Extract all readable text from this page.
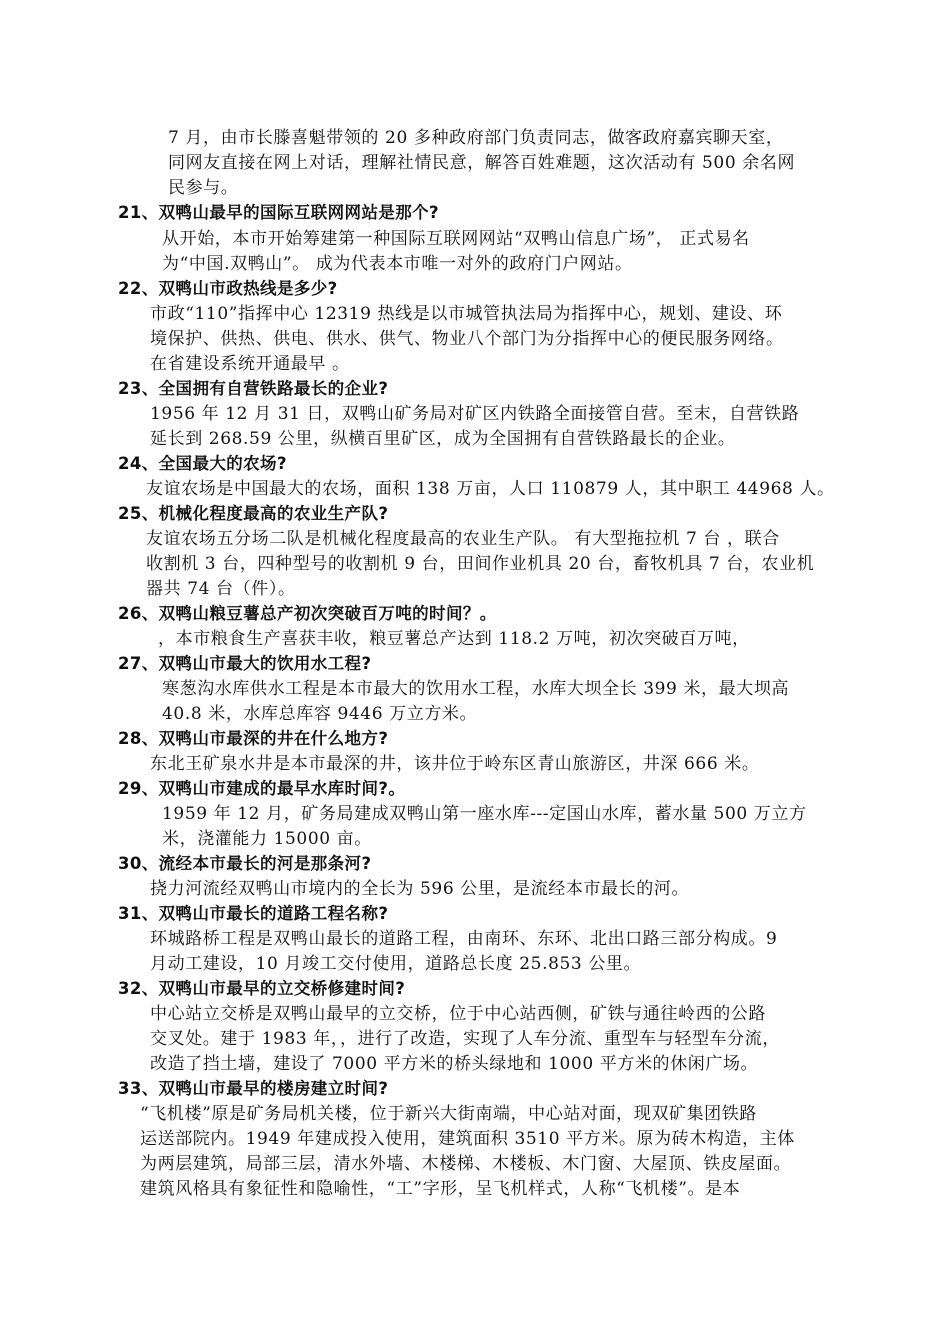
7 月，由市长滕喜魁带领的 20 多种政府部门负责同志，做客政府嘉宾聊天室，
同网友直接在网上对话，理解社情民意，解答百姓难题，这次活动有 500 余名网
民参与。
21、双鸭山最早的国际互联网网站是那个?
从开始，本市开始筹建第一种国际互联网网站“双鸭山信息广场”， 正式易名
为“中国.双鸭山”。 成为代表本市唯一对外的政府门户网站。
22、双鸭山市政热线是多少?
市政“110”指挥中心 12319 热线是以市城管执法局为指挥中心，规划、建设、环
境保护、供热、供电、供水、供气、物业八个部门为分指挥中心的便民服务网络。
在省建设系统开通最早 。
23、全国拥有自营铁路最长的企业?
1956 年 12 月 31 日，双鸭山矿务局对矿区内铁路全面接管自营。至末，自营铁路
延长到 268.59 公里，纵横百里矿区，成为全国拥有自营铁路最长的企业。
24、全国最大的农场?
友谊农场是中国最大的农场，面积 138 万亩，人口 110879 人，其中职工 44968 人。
25、机械化程度最高的农业生产队?
友谊农场五分场二队是机械化程度最高的农业生产队。 有大型拖拉机 7 台 ，联合
收割机 3 台，四种型号的收割机 9 台，田间作业机具 20 台，畜牧机具 7 台，农业机
器共 74 台（件）。
26、双鸭山粮豆薯总产初次突破百万吨的时间？。
，本市粮食生产喜获丰收，粮豆薯总产达到 118.2 万吨，初次突破百万吨，
27、双鸭山市最大的饮用水工程?
寒葱沟水库供水工程是本市最大的饮用水工程，水库大坝全长 399 米，最大坝高
40.8 米，水库总库容 9446 万立方米。
28、双鸭山市最深的井在什么地方?
东北王矿泉水井是本市最深的井，该井位于岭东区青山旅游区，井深 666 米。
29、双鸭山市建成的最早水库时间?。
1959 年 12 月，矿务局建成双鸭山第一座水库---定国山水库，蓄水量 500 万立方
米，浇灌能力 15000 亩。
30、流经本市最长的河是那条河?
挠力河流经双鸭山市境内的全长为 596 公里，是流经本市最长的河。
31、双鸭山市最长的道路工程名称?
环城路桥工程是双鸭山最长的道路工程，由南环、东环、北出口路三部分构成。9
月动工建设，10 月竣工交付使用，道路总长度 25.853 公里。
32、双鸭山市最早的立交桥修建时间?
中心站立交桥是双鸭山最早的立交桥，位于中心站西侧，矿铁与通往岭西的公路
交叉处。建于 1983 年，，进行了改造，实现了人车分流、重型车与轻型车分流，
改造了挡土墙，建设了 7000 平方米的桥头绿地和 1000 平方米的休闲广场。
33、双鸭山市最早的楼房建立时间?
“飞机楼”原是矿务局机关楼，位于新兴大街南端，中心站对面，现双矿集团铁路
运送部院内。1949 年建成投入使用，建筑面积 3510 平方米。原为砖木构造，主体
为两层建筑，局部三层，清水外墙、木楼梯、木楼板、木门窗、大屋顶、铁皮屋面。
建筑风格具有象征性和隐喻性，“工”字形，呈飞机样式，人称“飞机楼”。是本
